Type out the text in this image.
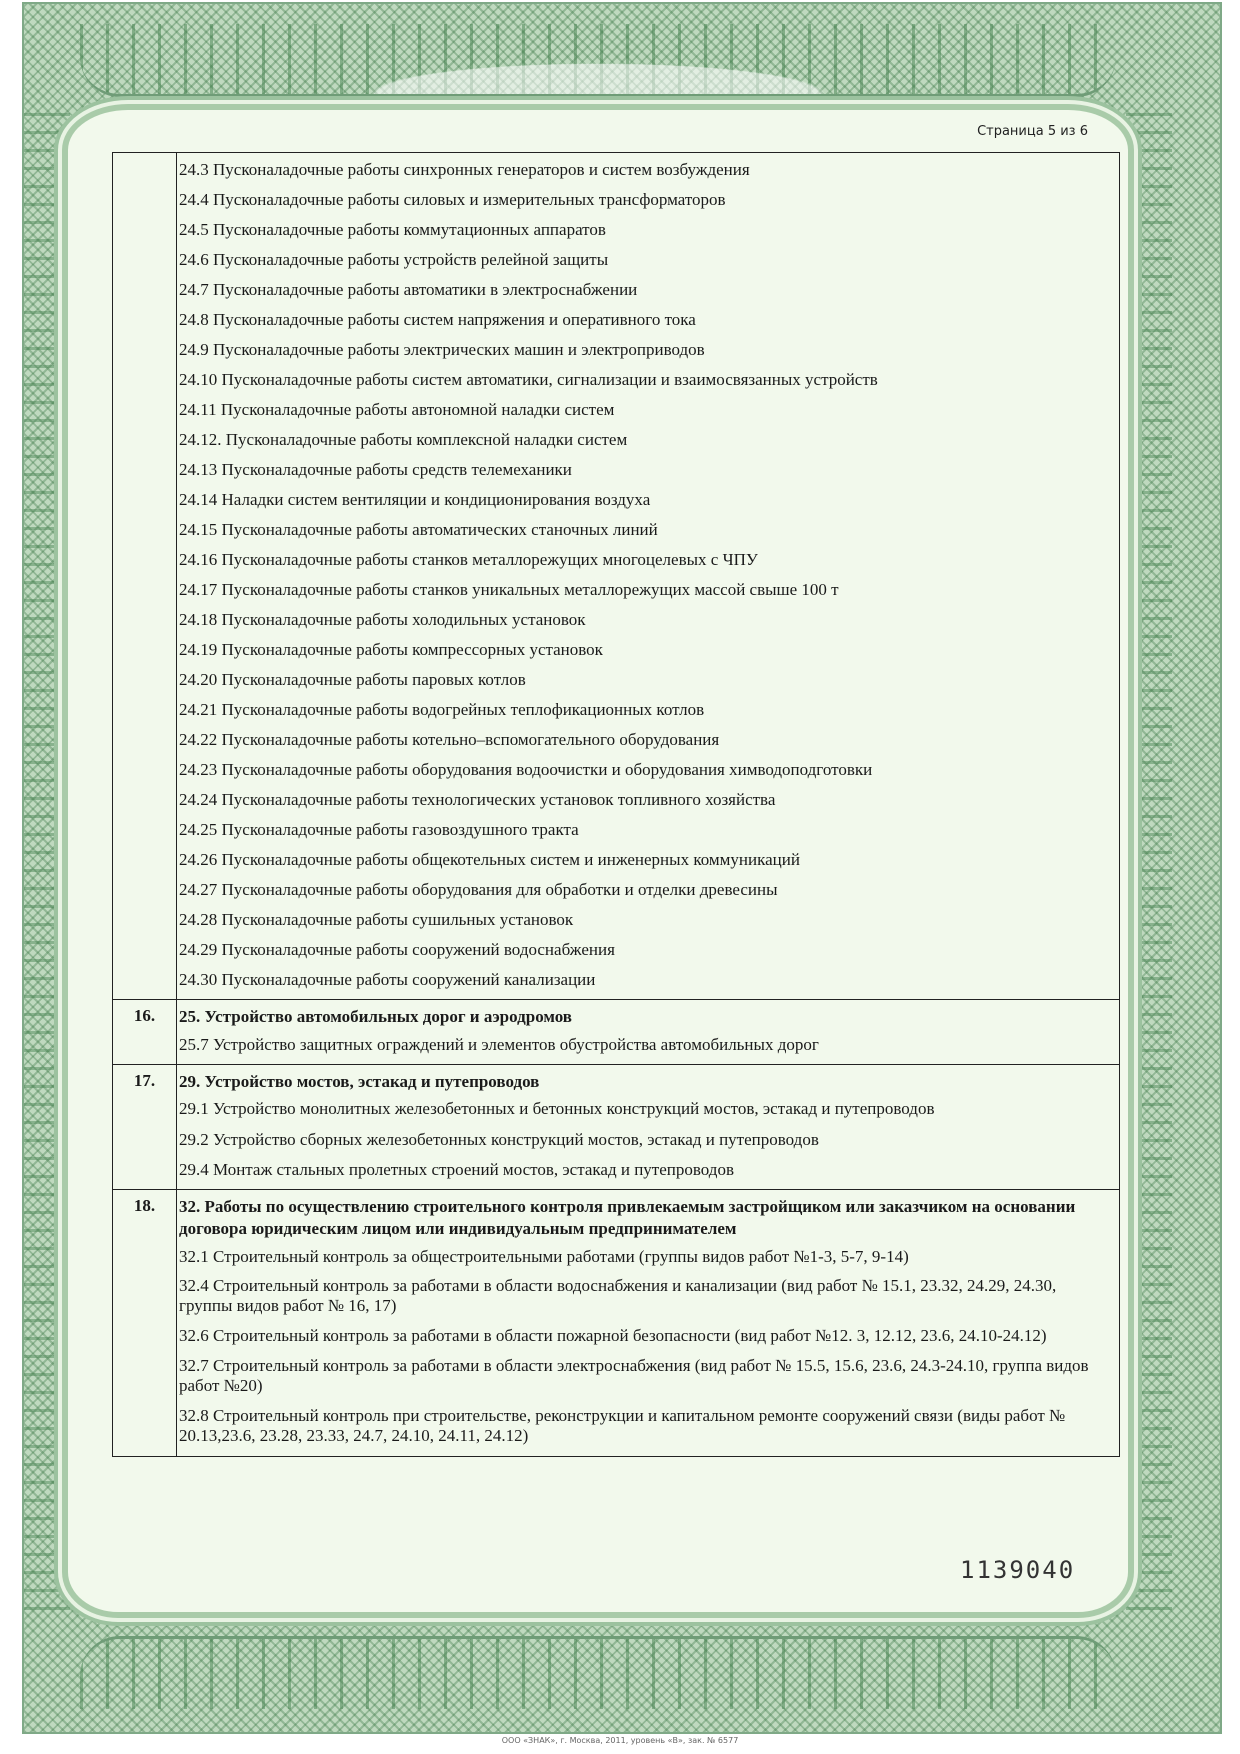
Страница 5 из 6
24.3 Пусконаладочные работы синхронных генераторов и систем возбуждения
24.4 Пусконаладочные работы силовых и измерительных трансформаторов
24.5 Пусконаладочные работы коммутационных аппаратов
24.6 Пусконаладочные работы устройств релейной защиты
24.7 Пусконаладочные работы автоматики в электроснабжении
24.8 Пусконаладочные работы систем напряжения и оперативного тока
24.9 Пусконаладочные работы электрических машин и электроприводов
24.10 Пусконаладочные работы систем автоматики, сигнализации и взаимосвязанных устройств
24.11 Пусконаладочные работы автономной наладки систем
24.12. Пусконаладочные работы комплексной наладки систем
24.13 Пусконаладочные работы средств телемеханики
24.14 Наладки систем вентиляции и кондиционирования воздуха
24.15 Пусконаладочные работы автоматических станочных линий
24.16 Пусконаладочные работы станков металлорежущих многоцелевых с ЧПУ
24.17 Пусконаладочные работы станков уникальных металлорежущих массой свыше 100 т
24.18 Пусконаладочные работы холодильных установок
24.19 Пусконаладочные работы компрессорных установок
24.20 Пусконаладочные работы паровых котлов
24.21 Пусконаладочные работы водогрейных теплофикационных котлов
24.22 Пусконаладочные работы котельно–вспомогательного оборудования
24.23 Пусконаладочные работы оборудования водоочистки и оборудования химводоподготовки
24.24 Пусконаладочные работы технологических установок топливного хозяйства
24.25 Пусконаладочные работы газовоздушного тракта
24.26 Пусконаладочные работы общекотельных систем и инженерных коммуникаций
24.27 Пусконаладочные работы оборудования для обработки и отделки древесины
24.28 Пусконаладочные работы сушильных установок
24.29 Пусконаладочные работы сооружений водоснабжения
24.30 Пусконаладочные работы сооружений канализации
16.	25. Устройство автомобильных дорог и аэродромов
25.7 Устройство защитных ограждений и элементов обустройства автомобильных дорог
17.	29. Устройство мостов, эстакад и путепроводов
29.1 Устройство монолитных железобетонных и бетонных конструкций мостов, эстакад и путепроводов
29.2 Устройство сборных железобетонных конструкций мостов, эстакад и путепроводов
29.4 Монтаж стальных пролетных строений мостов, эстакад и путепроводов
18.	32. Работы по осуществлению строительного контроля привлекаемым застройщиком или заказчиком на основании договора юридическим лицом или индивидуальным предпринимателем
32.1 Строительный контроль за общестроительными работами (группы видов работ №1-3, 5-7, 9-14)
32.4 Строительный контроль за работами в области водоснабжения и канализации (вид работ № 15.1, 23.32, 24.29, 24.30, группы видов работ № 16, 17)
32.6 Строительный контроль за работами в области пожарной безопасности (вид работ №12. 3, 12.12, 23.6, 24.10-24.12)
32.7 Строительный контроль за работами в области электроснабжения (вид работ № 15.5, 15.6, 23.6, 24.3-24.10, группа видов работ №20)
32.8 Строительный контроль при строительстве, реконструкции и капитальном ремонте сооружений связи (виды работ № 20.13,23.6, 23.28, 23.33, 24.7, 24.10, 24.11, 24.12)
1139040
ООО «ЗНАК», г. Москва, 2011, уровень «В», зак. № 6577
